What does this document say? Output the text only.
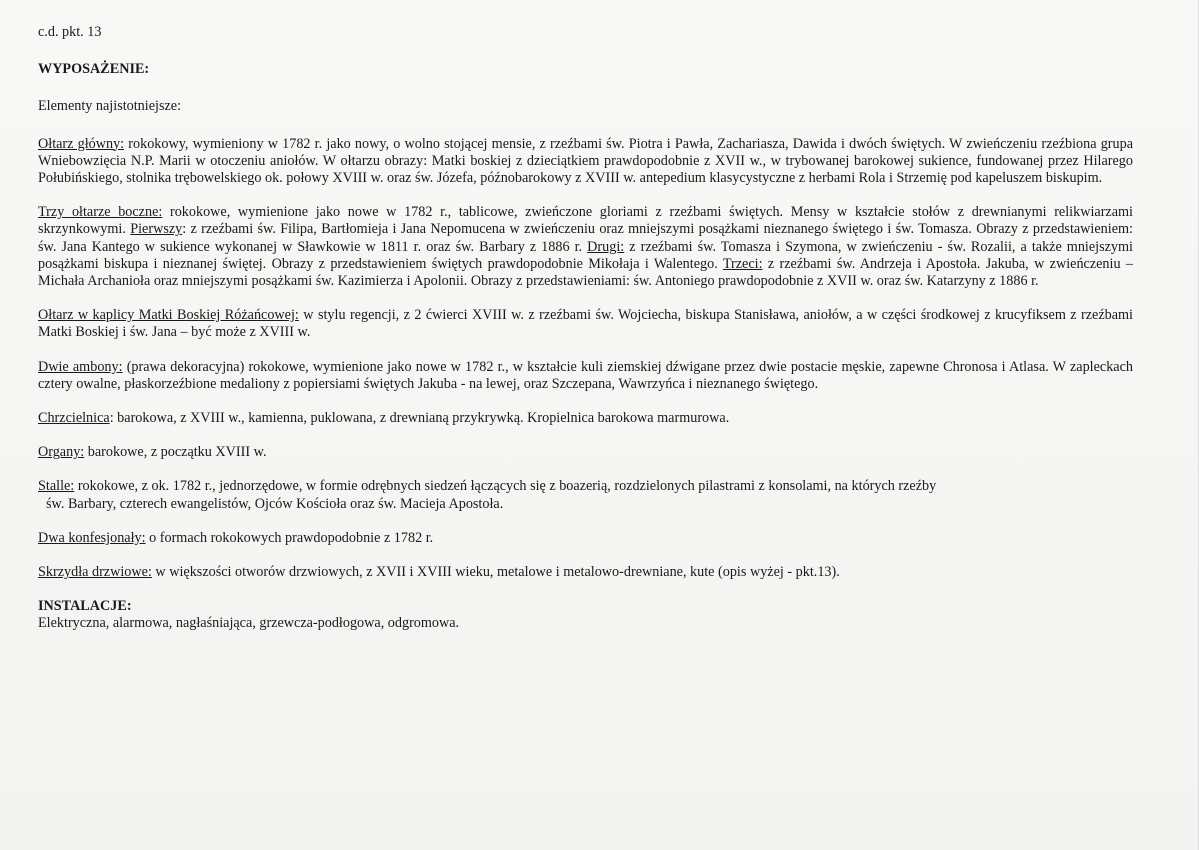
c.d. pkt. 13

WYPOSAŻENIE:

Elementy najistotniejsze:

Ołtarz główny: rokokowy, wymieniony w 1782 r. jako nowy, o wolno stojącej mensie, z rzeźbami św. Piotra i Pawła, Zachariasza, Dawida i dwóch świętych. W zwieńczeniu rzeźbiona grupa Wniebowzięcia N.P. Marii w otoczeniu aniołów. W ołtarzu obrazy: Matki boskiej z dzieciątkiem prawdopodobnie z XVII w., w trybowanej barokowej sukience, fundowanej przez Hilarego Połubińskiego, stolnika trębowelskiego ok. połowy XVIII w. oraz św. Józefa, późnobarokowy z XVIII w. antepedium klasycystyczne z herbami Rola i Strzemię pod kapeluszem biskupim.

Trzy ołtarze boczne: rokokowe, wymienione jako nowe w 1782 r., tablicowe, zwieńczone gloriami z rzeźbami świętych. Mensy w kształcie stołów z drewnianymi relikwiarzami skrzynkowymi. Pierwszy: z rzeźbami św. Filipa, Bartłomieja i Jana Nepomucena w zwieńczeniu oraz mniejszymi posążkami nieznanego świętego i św. Tomasza. Obrazy z przedstawieniem: św. Jana Kantego w sukience wykonanej w Sławkowie w 1811 r. oraz św. Barbary z 1886 r. Drugi: z rzeźbami św. Tomasza i Szymona, w zwieńczeniu - św. Rozalii, a także mniejszymi posążkami biskupa i nieznanej świętej. Obrazy z przedstawieniem świętych prawdopodobnie Mikołaja i Walentego. Trzeci: z rzeźbami św. Andrzeja i Apostoła. Jakuba, w zwieńczeniu – Michała Archanioła oraz mniejszymi posążkami św. Kazimierza i Apolonii. Obrazy z przedstawieniami: św. Antoniego prawdopodobnie z XVII w. oraz św. Katarzyny z 1886 r.

Ołtarz w kaplicy Matki Boskiej Różańcowej: w stylu regencji, z 2 ćwierci XVIII w. z rzeźbami św. Wojciecha, biskupa Stanisława, aniołów, a w części środkowej z krucyfiksem z rzeźbami Matki Boskiej i św. Jana – być może z XVIII w.

Dwie ambony: (prawa dekoracyjna) rokokowe, wymienione jako nowe w 1782 r., w kształcie kuli ziemskiej dźwigane przez dwie postacie męskie, zapewne Chronosa i Atlasa. W zapleckach cztery owalne, płaskorzeźbione medaliony z popiersiami świętych Jakuba - na lewej, oraz Szczepana, Wawrzyńca i nieznanego świętego.

Chrzcielnica: barokowa, z XVIII w., kamienna, puklowana, z drewnianą przykrywką. Kropielnica barokowa marmurowa.

Organy: barokowe, z początku XVIII w.

Stalle: rokokowe, z ok. 1782 r., jednorzędowe, w formie odrębnych siedzeń łączących się z boazerią, rozdzielonych pilastrami z konsolami, na których rzeźby
św. Barbary, czterech ewangelistów, Ojców Kościoła oraz św. Macieja Apostoła.

Dwa konfesjonały: o formach rokokowych prawdopodobnie z 1782 r.

Skrzydła drzwiowe: w większości otworów drzwiowych, z XVII i XVIII wieku, metalowe i metalowo-drewniane, kute (opis wyżej - pkt.13).

INSTALACJE:

Elektryczna, alarmowa, nagłaśniająca, grzewcza-podłogowa, odgromowa.
